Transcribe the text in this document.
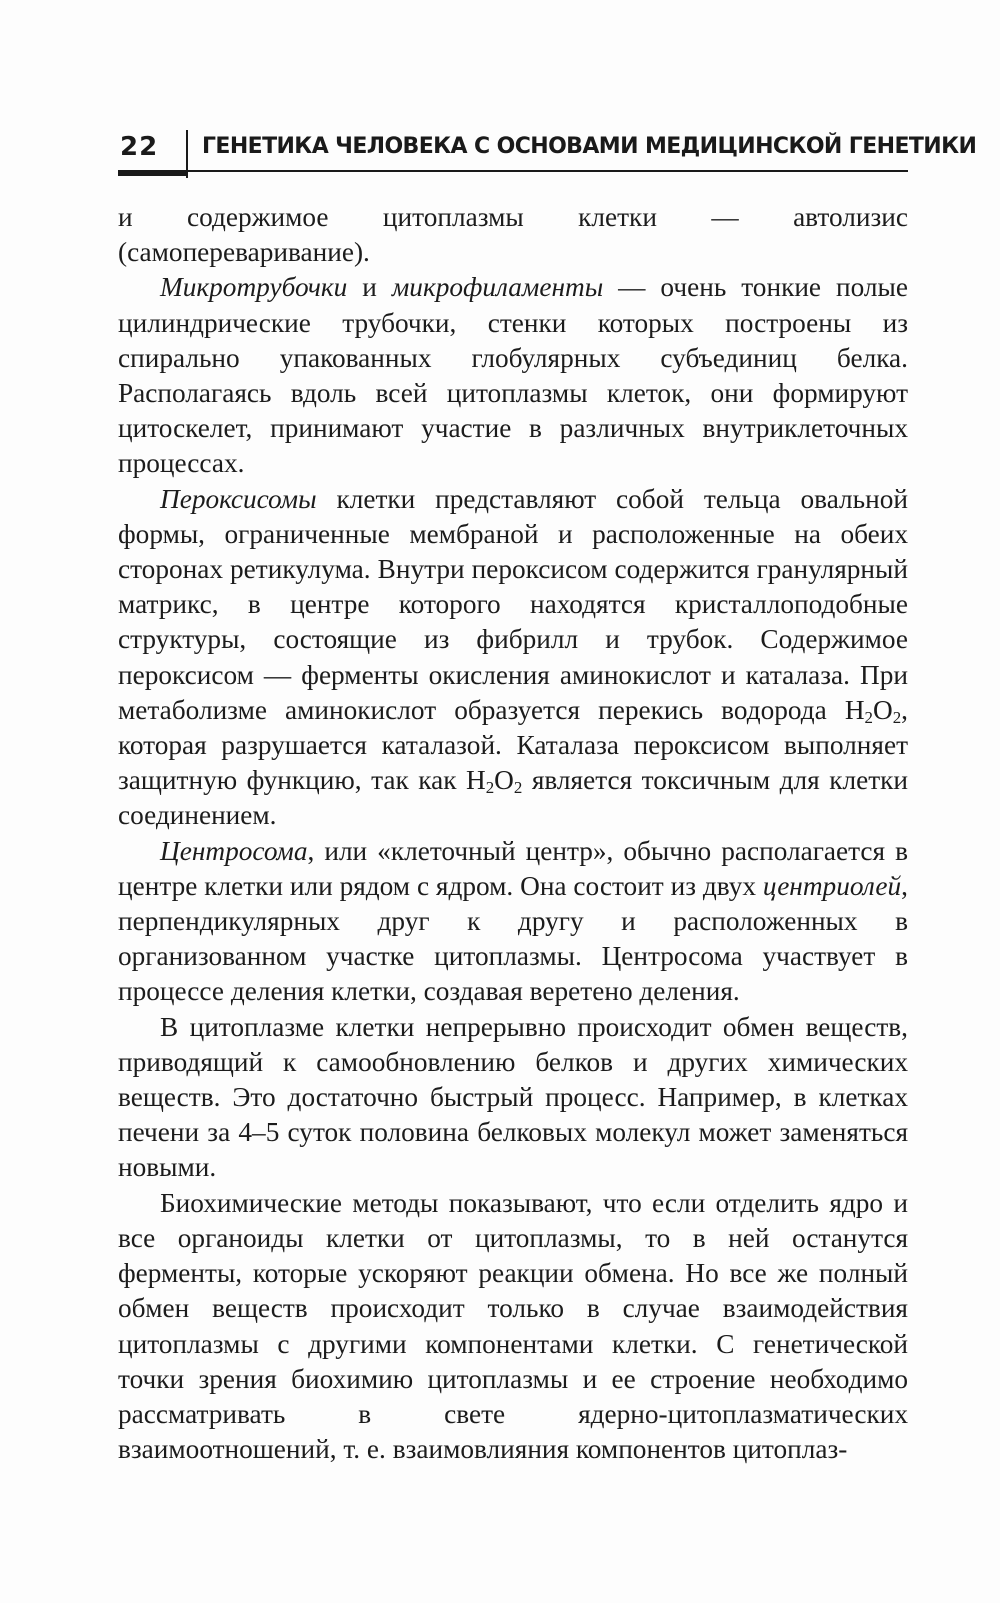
22 ГЕНЕТИКА ЧЕЛОВЕКА С ОСНОВАМИ МЕДИЦИНСКОЙ ГЕНЕТИКИ

и содержимое цитоплазмы клетки — автолизис (самопереваривание).

Микротрубочки и микрофиламенты — очень тонкие полые цилиндрические трубочки, стенки которых построены из спирально упакованных глобулярных субъединиц белка. Располагаясь вдоль всей цитоплазмы клеток, они формируют цитоскелет, принимают участие в различных внутриклеточных процессах.

Пероксисомы клетки представляют собой тельца овальной формы, ограниченные мембраной и расположенные на обеих сторонах ретикулума. Внутри пероксисом содержится гранулярный матрикс, в центре которого находятся кристаллоподобные структуры, состоящие из фибрилл и трубок. Содержимое пероксисом — ферменты окисления аминокислот и каталаза. При метаболизме аминокислот образуется перекись водорода $H_2O_2$, которая разрушается каталазой. Каталаза пероксисом выполняет защитную функцию, так как $H_2O_2$ является токсичным для клетки соединением.

Центросома, или «клеточный центр», обычно располагается в центре клетки или рядом с ядром. Она состоит из двух центриолей, перпендикулярных друг к другу и расположенных в организованном участке цитоплазмы. Центросома участвует в процессе деления клетки, создавая веретено деления.

В цитоплазме клетки непрерывно происходит обмен веществ, приводящий к самообновлению белков и других химических веществ. Это достаточно быстрый процесс. Например, в клетках печени за 4–5 суток половина белковых молекул может заменяться новыми.

Биохимические методы показывают, что если отделить ядро и все органоиды клетки от цитоплазмы, то в ней останутся ферменты, которые ускоряют реакции обмена. Но все же полный обмен веществ происходит только в случае взаимодействия цитоплазмы с другими компонентами клетки. С генетической точки зрения биохимию цитоплазмы и ее строение необходимо рассматривать в свете ядерно-цитоплазматических взаимоотношений, т. е. взаимовлияния компонентов цитоплаз-
